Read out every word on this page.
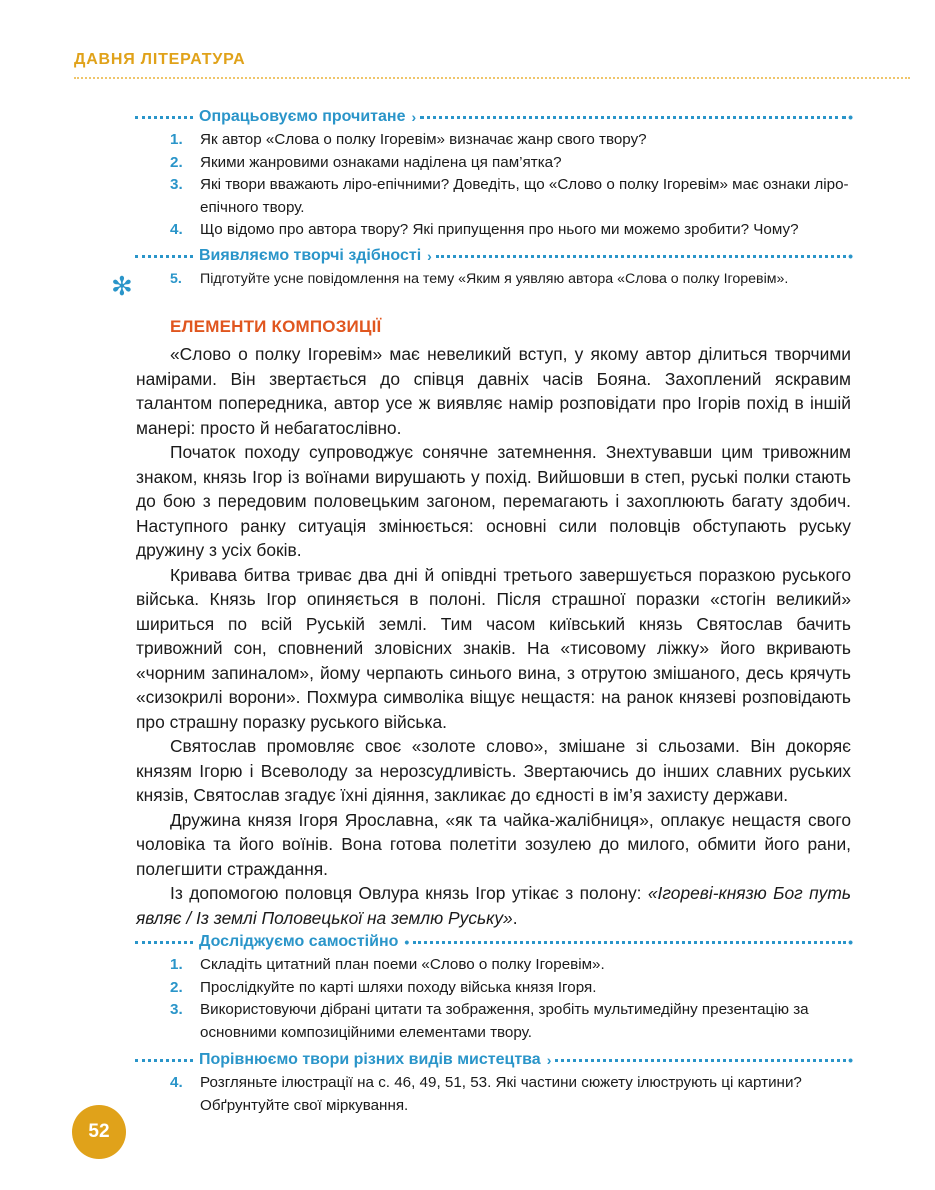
ДАВНЯ ЛІТЕРАТУРА
Опрацьовуємо прочитане ›	•
1. Як автор «Слова о полку Ігоревім» визначає жанр свого твору?
2. Якими жанровими ознаками наділена ця пам’ятка?
3. Які твори вважають ліро-епічними? Доведіть, що «Слово о полку Ігоревім» має ознаки ліро-епічного твору.
4. Що відомо про автора твору? Які припущення про нього ми можемо зробити? Чому?
Виявляємо творчі здібності ›	•
✻	5. Підготуйте усне повідомлення на тему «Яким я уявляю автора «Слова о полку Ігоревім».
ЕЛЕМЕНТИ КОМПОЗИЦІЇ

«Слово о полку Ігоревім» має невеликий вступ, у якому автор ділиться творчими намірами. Він звертається до співця давніх часів Бояна. Захоплений яскравим талантом попередника, автор усе ж виявляє намір розповідати про Ігорів похід в іншій манері: просто й небагатослівно.

Початок походу супроводжує сонячне затемнення. Знехтувавши цим тривожним знаком, князь Ігор із воїнами вирушають у похід. Вийшовши в степ, руські полки стають до бою з передовим половецьким загоном, перемагають і захоплюють багату здобич. Наступного ранку ситуація змінюється: основні сили половців обступають руську дружину з усіх боків.

Кривава битва триває два дні й опівдні третього завершується поразкою руського війська. Князь Ігор опиняється в полоні. Після страшної поразки «стогін великий» шириться по всій Руській землі. Тим часом київський князь Святослав бачить тривожний сон, сповнений зловісних знаків. На «тисовому ліжку» його вкривають «чорним запиналом», йому черпають синього вина, з отрутою змішаного, десь крячуть «сизокрилі ворони». Похмура символіка віщує нещастя: на ранок князеві розповідають про страшну поразку руського війська.

Святослав промовляє своє «золоте слово», змішане зі сльозами. Він докоряє князям Ігорю і Всеволоду за нерозсудливість. Звертаючись до інших славних руських князів, Святослав згадує їхні діяння, закликає до єдності в ім’я захисту держави.

Дружина князя Ігоря Ярославна, «як та чайка-жалібниця», оплакує нещастя свого чоловіка та його воїнів. Вона готова полетіти зозулею до милого, обмити його рани, полегшити страждання.

Із допомогою половця Овлура князь Ігор утікає з полону: «Ігореві-князю Бог путь являє / Із землі Половецької на землю Руську».

Досліджуємо самостійно •	•
1. Складіть цитатний план поеми «Слово о полку Ігоревім».
2. Прослідкуйте по карті шляхи походу війська князя Ігоря.
3. Використовуючи дібрані цитати та зображення, зробіть мультимедійну презентацію за основними композиційними елементами твору.
Порівнюємо твори різних видів мистецтва ›	•
4. Розгляньте ілюстрації на с. 46, 49, 51, 53. Які частини сюжету ілюструють ці картини? Обґрунтуйте свої міркування.
52
